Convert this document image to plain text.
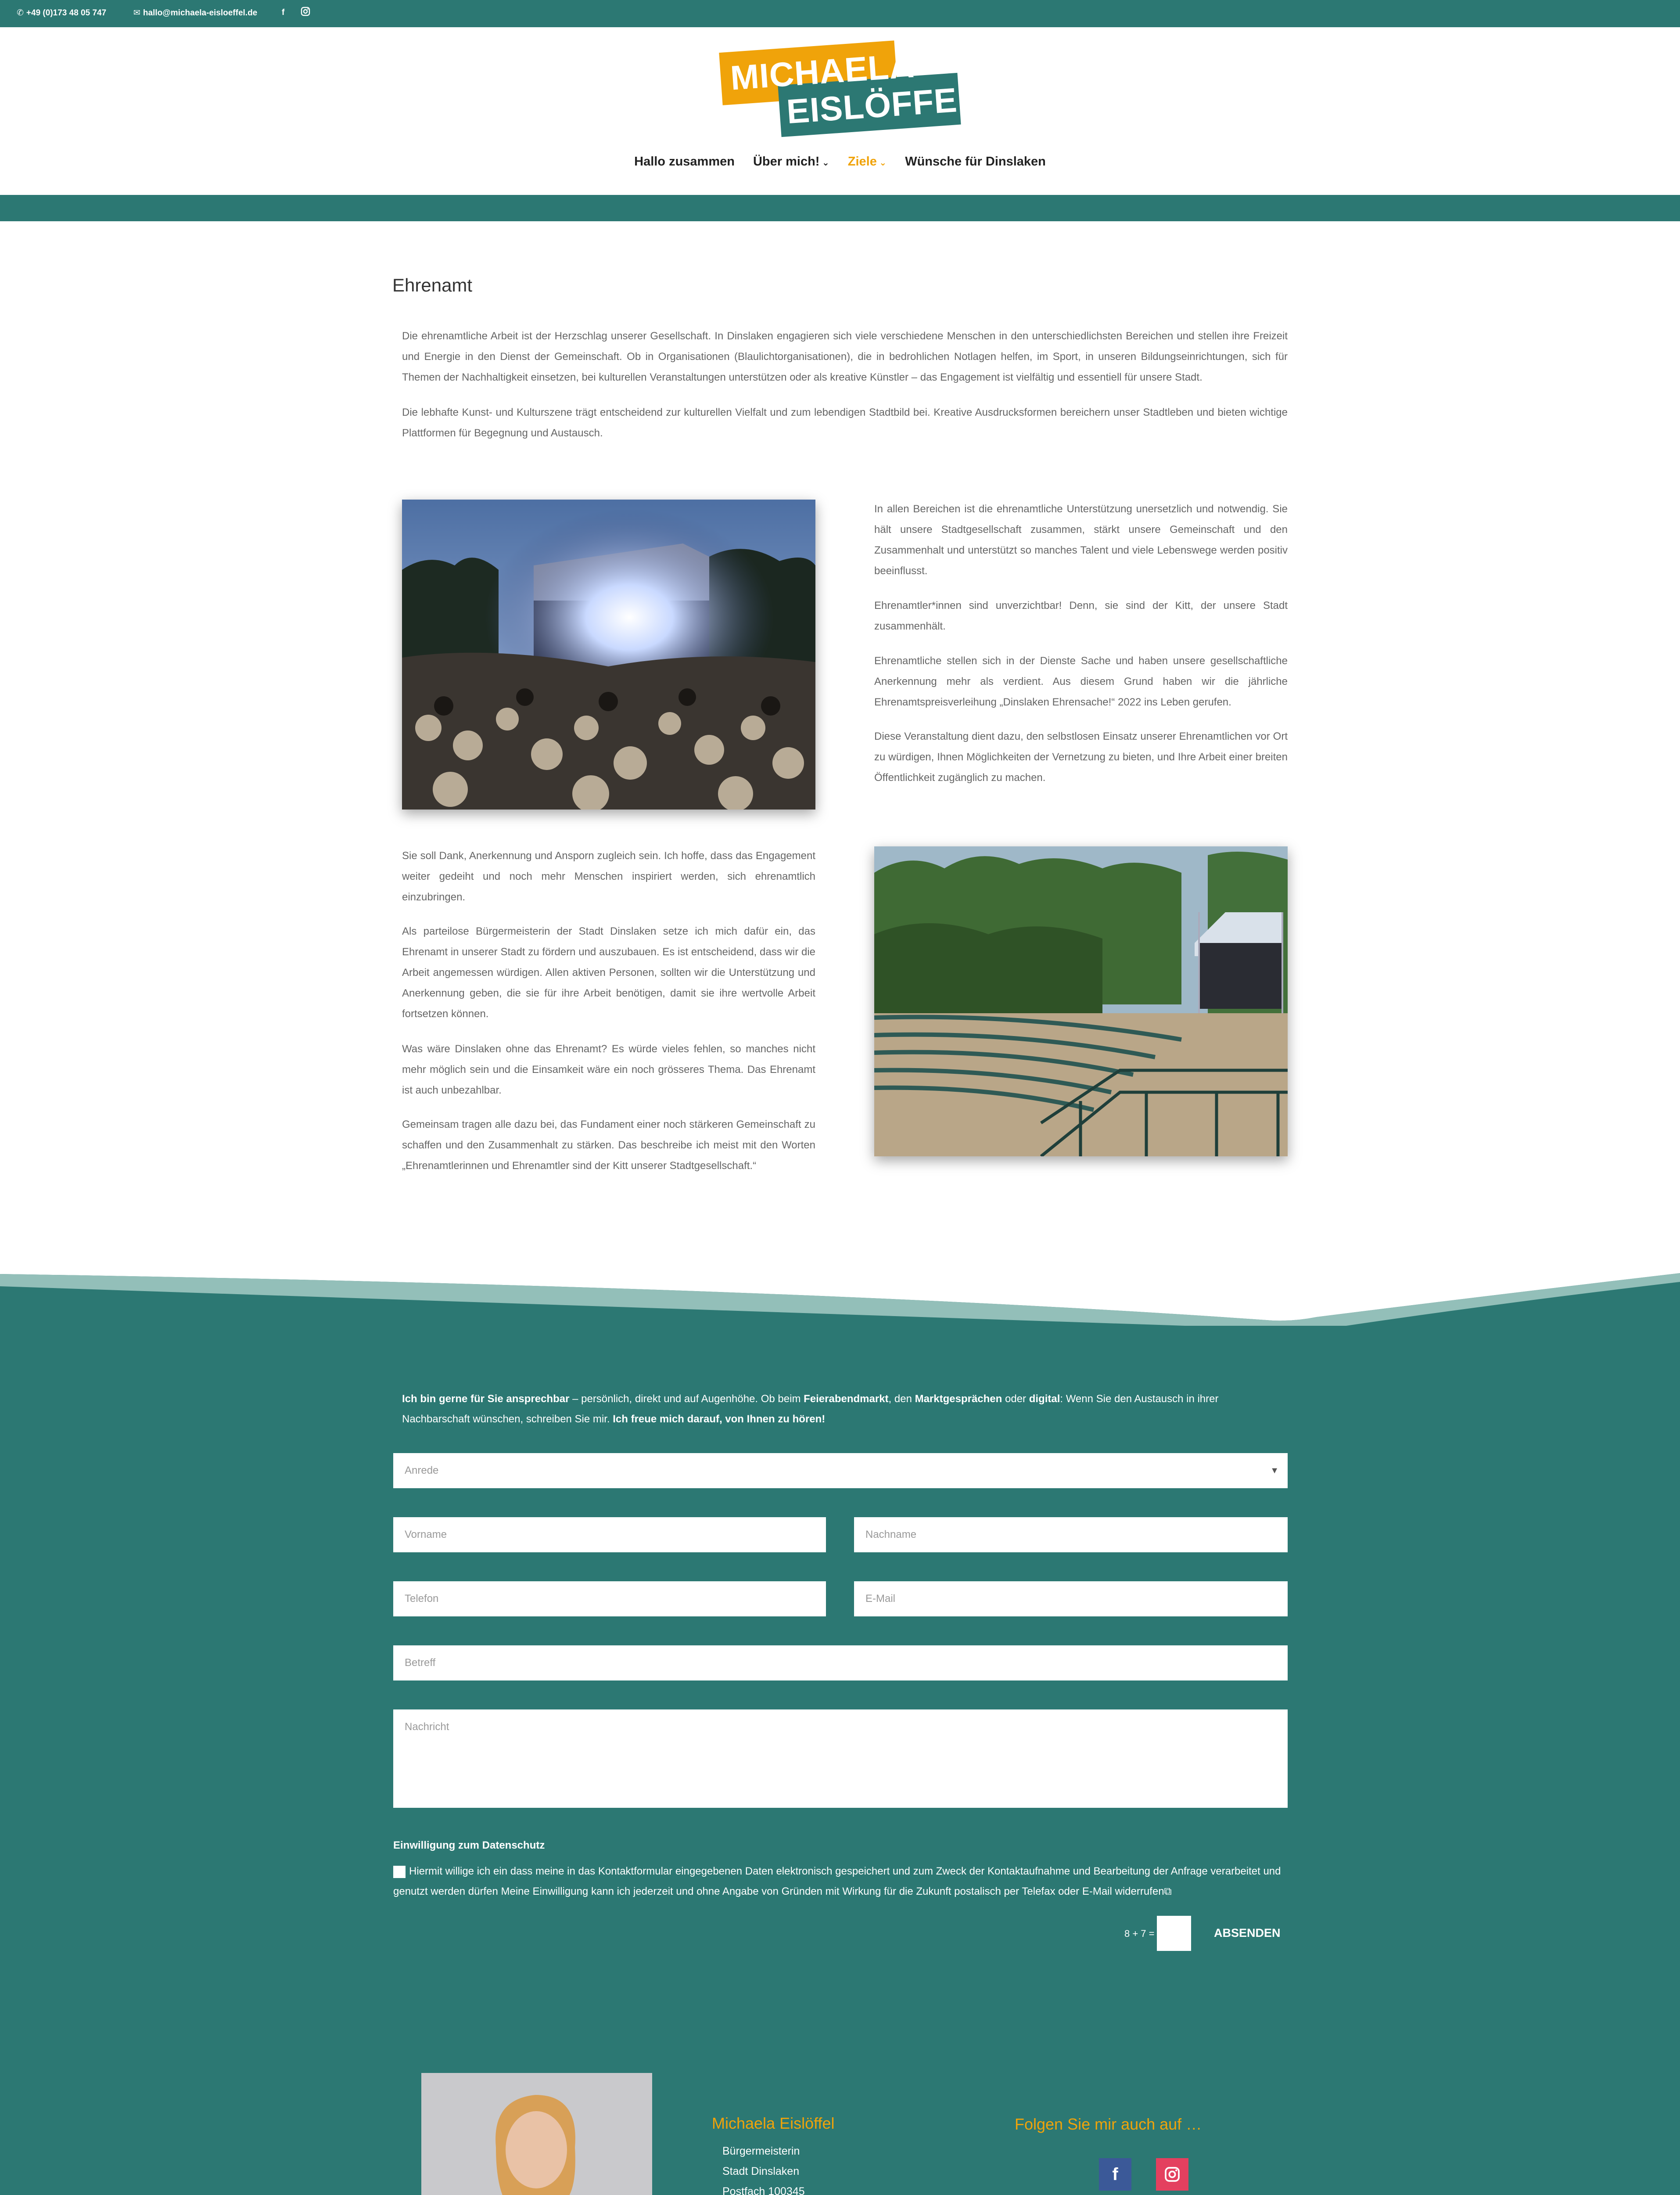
✆ +49 (0)173 48 05 747	✉ hallo@michaela-eisloeffel.de	f
MICHAELA
EISLÖFFEL
Hallo zusammen Über mich! ⌄ Ziele ⌄ Wünsche für Dinslaken
Ehrenamt
Die ehrenamtliche Arbeit ist der Herzschlag unserer Gesellschaft. In Dinslaken engagieren sich viele verschiedene Menschen in den unterschiedlichsten Bereichen und stellen ihre Freizeit und Energie in den Dienst der Gemeinschaft. Ob in Organisationen (Blaulichtorganisationen), die in bedrohlichen Notlagen helfen, im Sport, in unseren Bildungseinrichtungen, sich für Themen der Nachhaltigkeit einsetzen, bei kulturellen Veranstaltungen unterstützen oder als kreative Künstler – das Engagement ist vielfältig und essentiell für unsere Stadt.
Die lebhafte Kunst- und Kulturszene trägt entscheidend zur kulturellen Vielfalt und zum lebendigen Stadtbild bei. Kreative Ausdrucksformen bereichern unser Stadtleben und bieten wichtige Plattformen für Begegnung und Austausch.
In allen Bereichen ist die ehrenamtliche Unterstützung unersetzlich und notwendig. Sie hält unsere Stadtgesellschaft zusammen, stärkt unsere Gemeinschaft und den Zusammenhalt und unterstützt so manches Talent und viele Lebenswege werden positiv beeinflusst.
Ehrenamtler*innen sind unverzichtbar! Denn, sie sind der Kitt, der unsere Stadt zusammenhält.
Ehrenamtliche stellen sich in der Dienste Sache und haben unsere gesellschaftliche Anerkennung mehr als verdient. Aus diesem Grund haben wir die jährliche Ehrenamtspreisverleihung „Dinslaken Ehrensache!“ 2022 ins Leben gerufen.
Diese Veranstaltung dient dazu, den selbstlosen Einsatz unserer Ehrenamtlichen vor Ort zu würdigen, Ihnen Möglichkeiten der Vernetzung zu bieten, und Ihre Arbeit einer breiten Öffentlichkeit zugänglich zu machen.
Sie soll Dank, Anerkennung und Ansporn zugleich sein. Ich hoffe, dass das Engagement weiter gedeiht und noch mehr Menschen inspiriert werden, sich ehrenamtlich einzubringen.
Als parteilose Bürgermeisterin der Stadt Dinslaken setze ich mich dafür ein, das Ehrenamt in unserer Stadt zu fördern und auszubauen. Es ist entscheidend, dass wir die Arbeit angemessen würdigen. Allen aktiven Personen, sollten wir die Unterstützung und Anerkennung geben, die sie für ihre Arbeit benötigen, damit sie ihre wertvolle Arbeit fortsetzen können.
Was wäre Dinslaken ohne das Ehrenamt? Es würde vieles fehlen, so manches nicht mehr möglich sein und die Einsamkeit wäre ein noch grösseres Thema. Das Ehrenamt ist auch unbezahlbar.
Gemeinsam tragen alle dazu bei, das Fundament einer noch stärkeren Gemeinschaft zu schaffen und den Zusammenhalt zu stärken. Das beschreibe ich meist mit den Worten „Ehrenamtlerinnen und Ehrenamtler sind der Kitt unserer Stadtgesellschaft.“
Ich bin gerne für Sie ansprechbar – persönlich, direkt und auf Augenhöhe. Ob beim Feierabendmarkt, den Marktgesprächen oder digital: Wenn Sie den Austausch in ihrer Nachbarschaft wünschen, schreiben Sie mir. Ich freue mich darauf, von Ihnen zu hören!
Anrede	▼
Vorname	Nachname
Telefon	E-Mail
Betreff
Nachricht
Einwilligung zum Datenschutz
Hiermit willige ich ein dass meine in das Kontaktformular eingegebenen Daten elektronisch gespeichert und zum Zweck der Kontaktaufnahme und Bearbeitung der Anfrage verarbeitet und genutzt werden dürfen Meine Einwilligung kann ich jederzeit und ohne Angabe von Gründen mit Wirkung für die Zukunft postalisch per Telefax oder E-Mail widerrufen⧉
8 + 7 =	ABSENDEN
Michaela Eislöffel
Bürgermeisterin
Stadt Dinslaken
Postfach 100345
Folgen Sie mir auch auf …
f
